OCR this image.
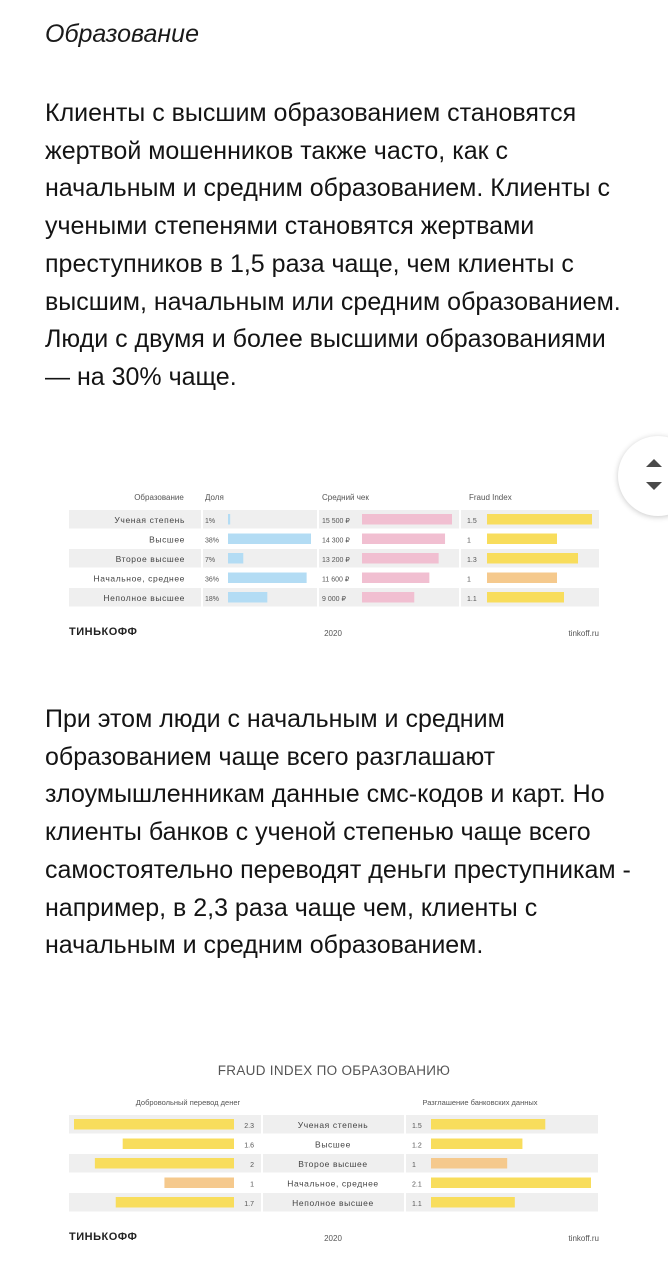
Образование

Клиенты с высшим образованием становятся жертвой мошенников также часто, как с начальным и средним образованием. Клиенты с учеными степенями становятся жертвами преступников в 1,5 раза чаще, чем клиенты с высшим, начальным или средним образованием. Люди с двумя и более высшими образованиями — на 30% чаще.

Образование	Доля	Средний чек	Fraud Index
Ученая степень	1%	15 500 ₽	1.5
Высшее	38%	14 300 ₽	1
Второе высшее	7%	13 200 ₽	1.3
Начальное, среднее	36%	11 600 ₽	1
Неполное высшее	18%	9 000 ₽	1.1
ТИНЬКОФФ	2020	tinkoff.ru

При этом люди с начальным и средним образованием чаще всего разглашают злоумышленникам данные смс-кодов и карт. Но клиенты банков с ученой степенью чаще всего самостоятельно переводят деньги преступникам - например, в 2,3 раза чаще чем, клиенты с начальным и средним образованием.

FRAUD INDEX ПО ОБРАЗОВАНИЮ
Добровольный перевод денег	Разглашение банковских данных
2.3	Ученая степень	1.5
1.6	Высшее	1.2
2	Второе высшее	1
1	Начальное, среднее	2.1
1.7	Неполное высшее	1.1
ТИНЬКОФФ	2020	tinkoff.ru
